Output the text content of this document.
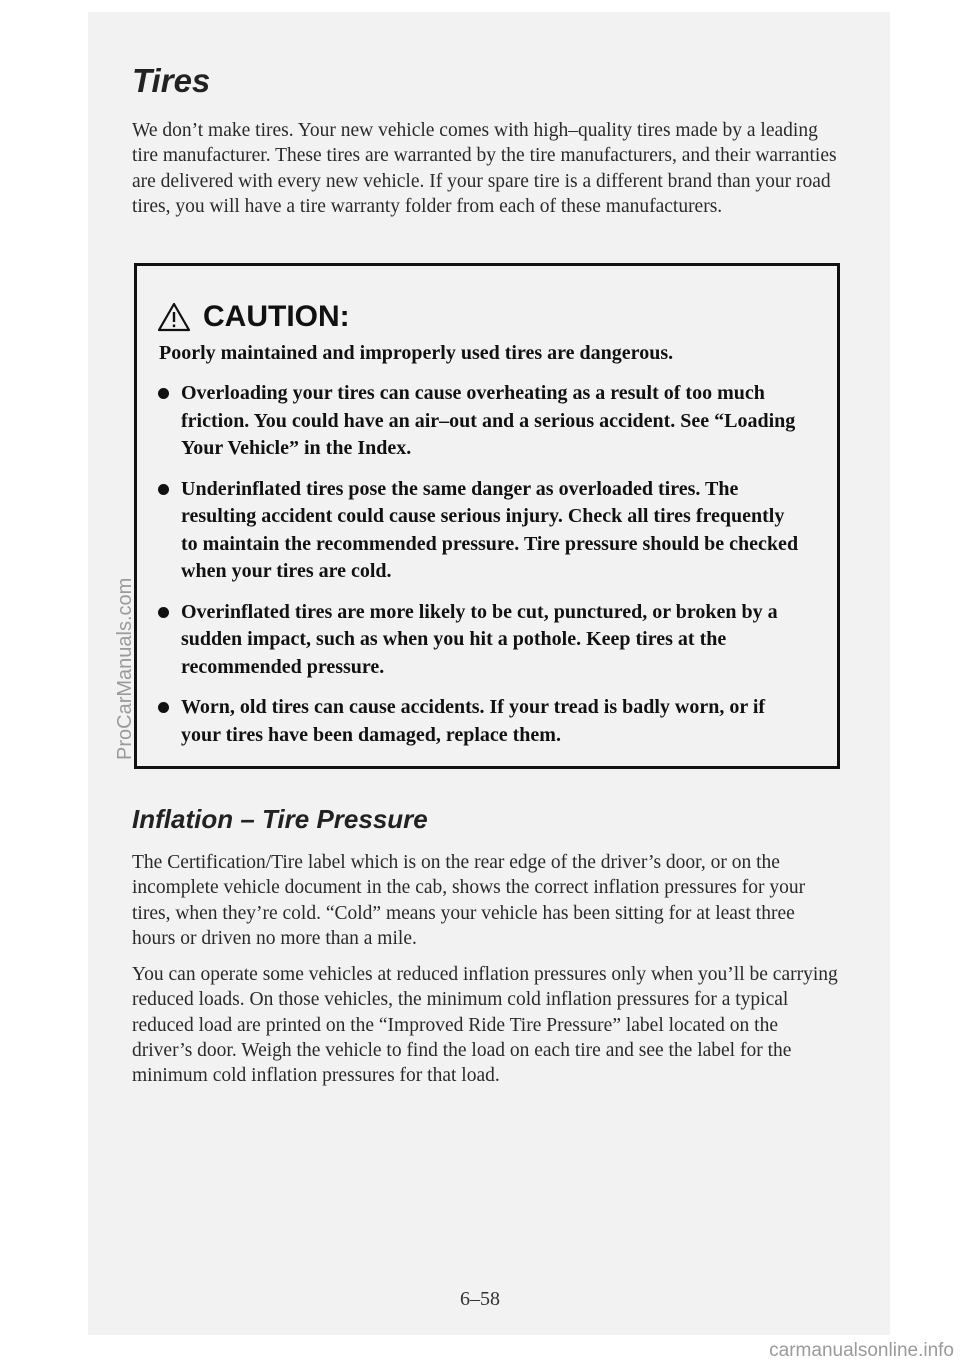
Tires

We don’t make tires. Your new vehicle comes with high–quality tires made by a leading tire manufacturer. These tires are warranted by the tire manufacturers, and their warranties are delivered with every new vehicle. If your spare tire is a different brand than your road tires, you will have a tire warranty folder from each of these manufacturers.

CAUTION:
Poorly maintained and improperly used tires are dangerous.
Overloading your tires can cause overheating as a result of too much friction. You could have an air–out and a serious accident. See “Loading Your Vehicle” in the Index.
Underinflated tires pose the same danger as overloaded tires. The resulting accident could cause serious injury. Check all tires frequently to maintain the recommended pressure. Tire pressure should be checked when your tires are cold.
Overinflated tires are more likely to be cut, punctured, or broken by a sudden impact, such as when you hit a pothole. Keep tires at the recommended pressure.
Worn, old tires can cause accidents. If your tread is badly worn, or if your tires have been damaged, replace them.
Inflation – Tire Pressure

The Certification/Tire label which is on the rear edge of the driver’s door, or on the incomplete vehicle document in the cab, shows the correct inflation pressures for your tires, when they’re cold. “Cold” means your vehicle has been sitting for at least three hours or driven no more than a mile.

You can operate some vehicles at reduced inflation pressures only when you’ll be carrying reduced loads. On those vehicles, the minimum cold inflation pressures for a typical reduced load are printed on the “Improved Ride Tire Pressure” label located on the driver’s door. Weigh the vehicle to find the load on each tire and see the label for the minimum cold inflation pressures for that load.

6–58
ProCarManuals.com
carmanualsonline.info
